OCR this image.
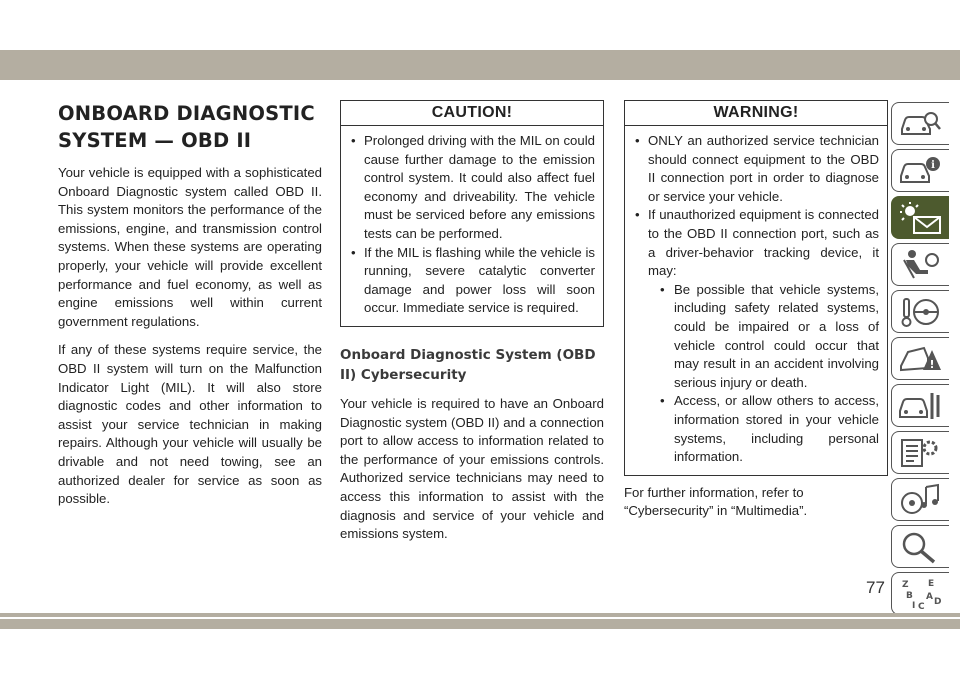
ONBOARD DIAGNOSTIC
SYSTEM — OBD II

Your vehicle is equipped with a sophisticated Onboard Diagnostic system called OBD II. This system monitors the performance of the emissions, engine, and transmission control systems. When these systems are operating properly, your vehicle will provide excellent performance and fuel economy, as well as engine emissions well within current government regulations.

If any of these systems require service, the OBD II system will turn on the Malfunction Indicator Light (MIL). It will also store diagnostic codes and other information to assist your service technician in making repairs. Although your vehicle will usually be drivable and not need towing, see an authorized dealer for service as soon as possible.

CAUTION!
• Prolonged driving with the MIL on could cause further damage to the emission control system. It could also affect fuel economy and driveability. The vehicle must be serviced before any emissions tests can be performed.
• If the MIL is flashing while the vehicle is running, severe catalytic converter damage and power loss will soon occur. Immediate service is required.
Onboard Diagnostic System (OBD II) Cybersecurity

Your vehicle is required to have an Onboard Diagnostic system (OBD II) and a connection port to allow access to information related to the performance of your emissions controls. Authorized service technicians may need to access this information to assist with the diagnosis and service of your vehicle and emissions system.

WARNING!
• ONLY an authorized service technician should connect equipment to the OBD II connection port in order to diagnose or service your vehicle.
• If unauthorized equipment is connected to the OBD II connection port, such as a driver-behavior tracking device, it may:
• Be possible that vehicle systems, including safety related systems, could be impaired or a loss of vehicle control could occur that may result in an accident involving serious injury or death.
• Access, or allow others to access, information stored in your vehicle systems, including personal information.

For further information, refer to “Cybersecurity” in “Multimedia”.

i
!
Z E
B A
I C D
77
